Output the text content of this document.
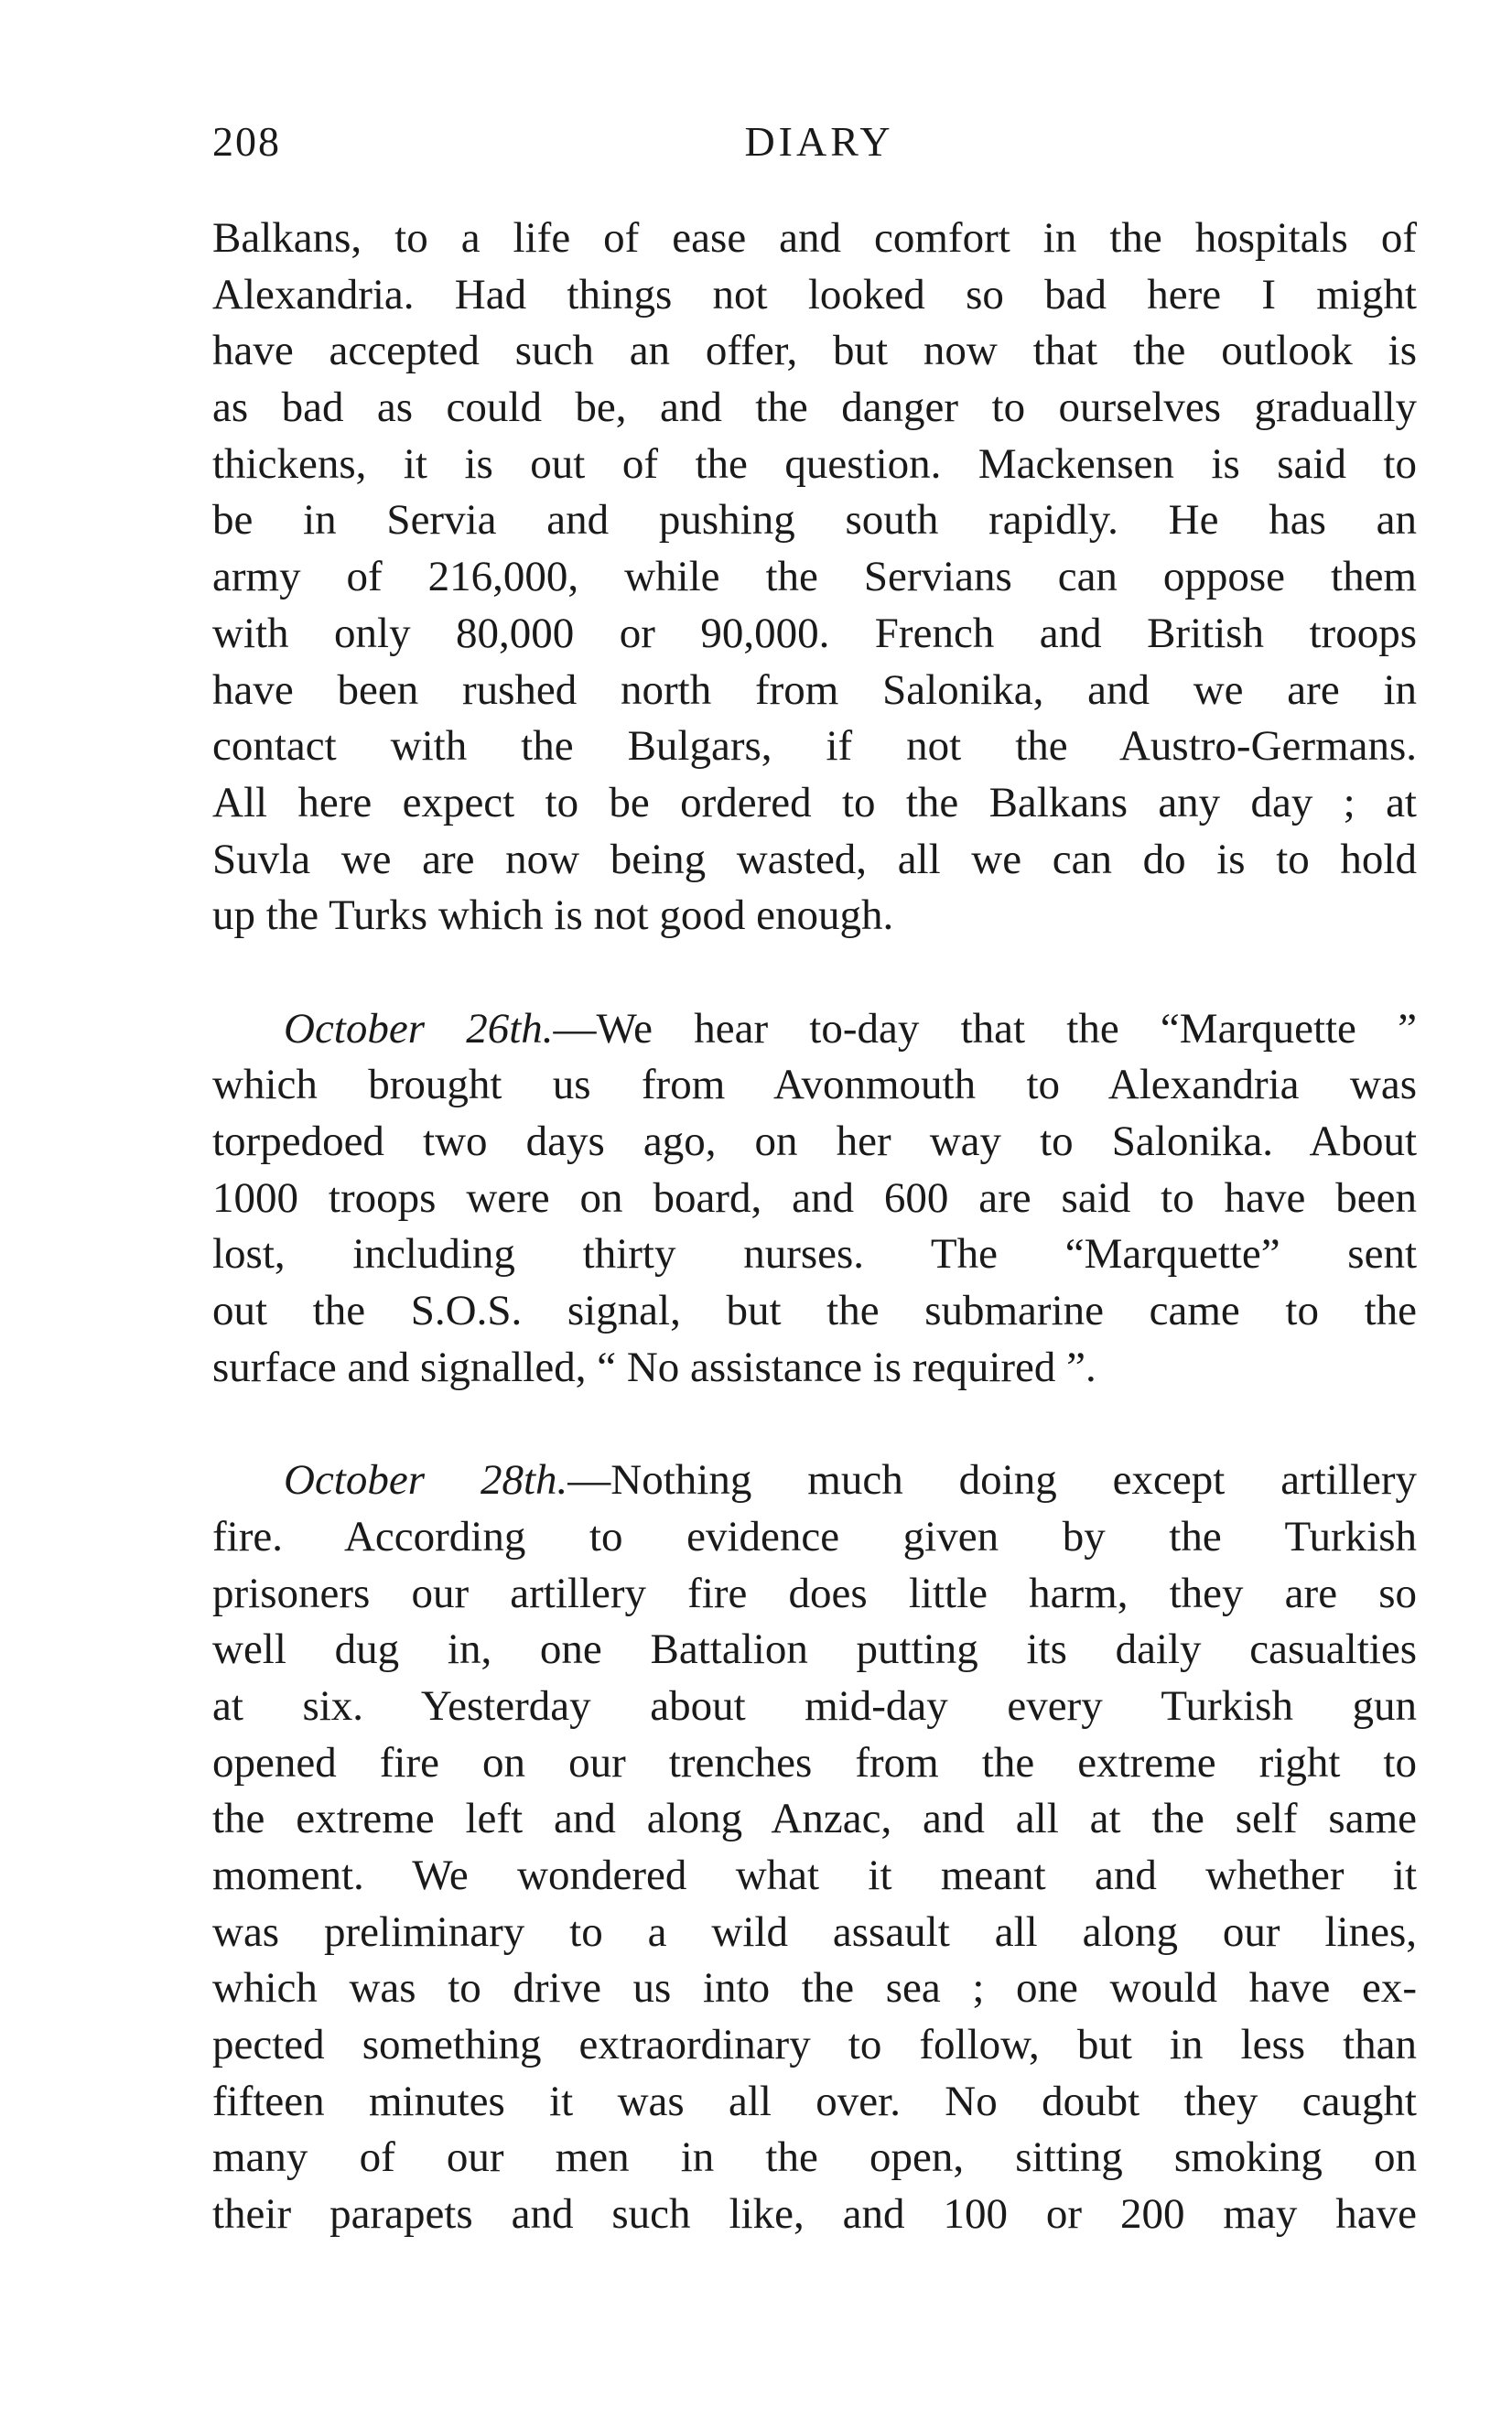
208	DIARY
Balkans, to a life of ease and comfort in the hospitals of
Alexandria. Had things not looked so bad here I might
have accepted such an offer, but now that the outlook is
as bad as could be, and the danger to ourselves gradually
thickens, it is out of the question. Mackensen is said to
be in Servia and pushing south rapidly. He has an
army of 216,000, while the Servians can oppose them
with only 80,000 or 90,000. French and British troops
have been rushed north from Salonika, and we are in
contact with the Bulgars, if not the Austro-Germans.
All here expect to be ordered to the Balkans any day ; at
Suvla we are now being wasted, all we can do is to hold
up the Turks which is not good enough.
October 26th.—We hear to-day that the “Marquette ”
which brought us from Avonmouth to Alexandria was
torpedoed two days ago, on her way to Salonika. About
1000 troops were on board, and 600 are said to have been
lost, including thirty nurses. The “Marquette” sent
out the S.O.S. signal, but the submarine came to the
surface and signalled, “ No assistance is required ”.
October 28th.—Nothing much doing except artillery
fire. According to evidence given by the Turkish
prisoners our artillery fire does little harm, they are so
well dug in, one Battalion putting its daily casualties
at six. Yesterday about mid-day every Turkish gun
opened fire on our trenches from the extreme right to
the extreme left and along Anzac, and all at the self same
moment. We wondered what it meant and whether it
was preliminary to a wild assault all along our lines,
which was to drive us into the sea ; one would have ex-
pected something extraordinary to follow, but in less than
fifteen minutes it was all over. No doubt they caught
many of our men in the open, sitting smoking on
their parapets and such like, and 100 or 200 may have
